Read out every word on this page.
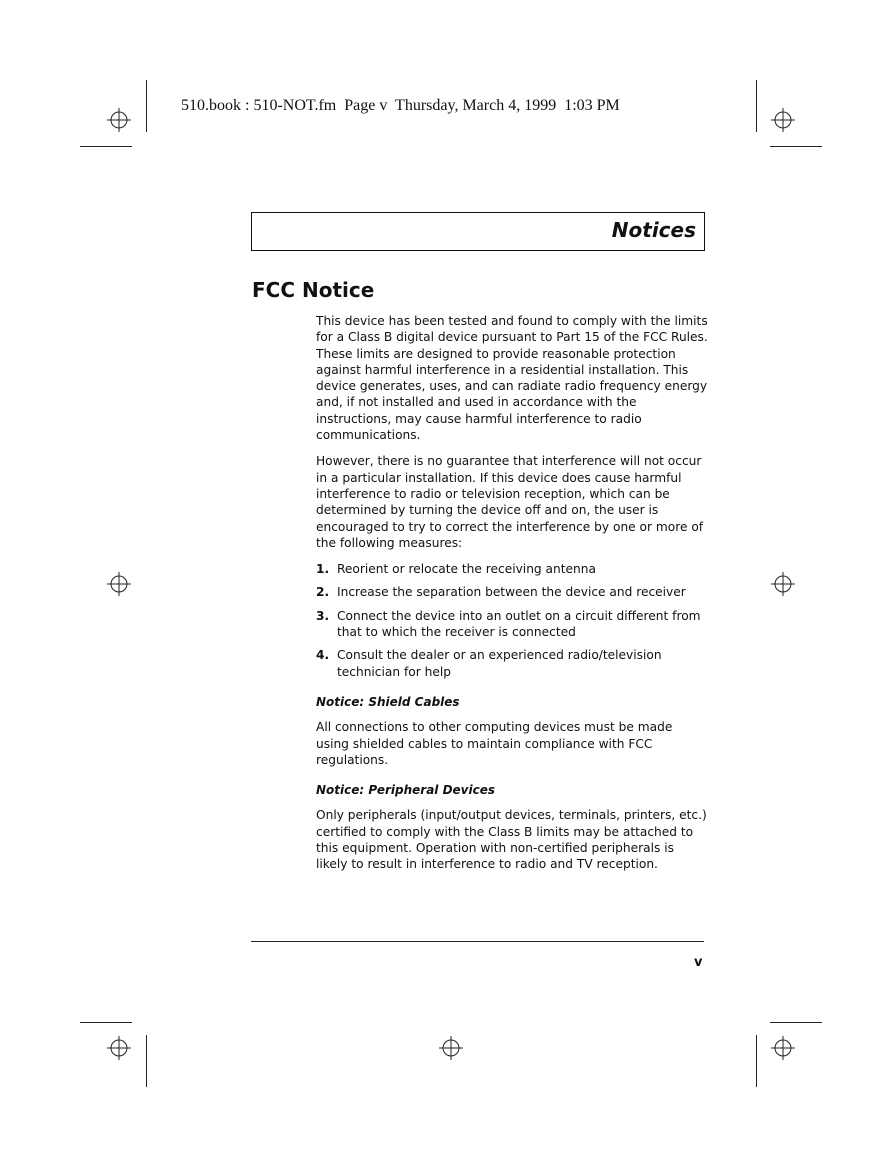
510.book : 510-NOT.fm  Page v  Thursday, March 4, 1999  1:03 PM
Notices
FCC Notice

This device has been tested and found to comply with the limits for a Class B digital device pursuant to Part 15 of the FCC Rules. These limits are designed to provide reasonable protection against harmful interference in a residential installation. This device generates, uses, and can radiate radio frequency energy and, if not installed and used in accordance with the instructions, may cause harmful interference to radio communications.

However, there is no guarantee that interference will not occur in a particular installation. If this device does cause harmful interference to radio or television reception, which can be determined by turning the device off and on, the user is encouraged to try to correct the interference by one or more of the following measures:

1. Reorient or relocate the receiving antenna
2. Increase the separation between the device and receiver
3. Connect the device into an outlet on a circuit different from that to which the receiver is connected
4. Consult the dealer or an experienced radio/television technician for help
Notice: Shield Cables

All connections to other computing devices must be made using shielded cables to maintain compliance with FCC regulations.

Notice: Peripheral Devices

Only peripherals (input/output devices, terminals, printers, etc.) certified to comply with the Class B limits may be attached to this equipment. Operation with non-certified peripherals is likely to result in interference to radio and TV reception.

v
